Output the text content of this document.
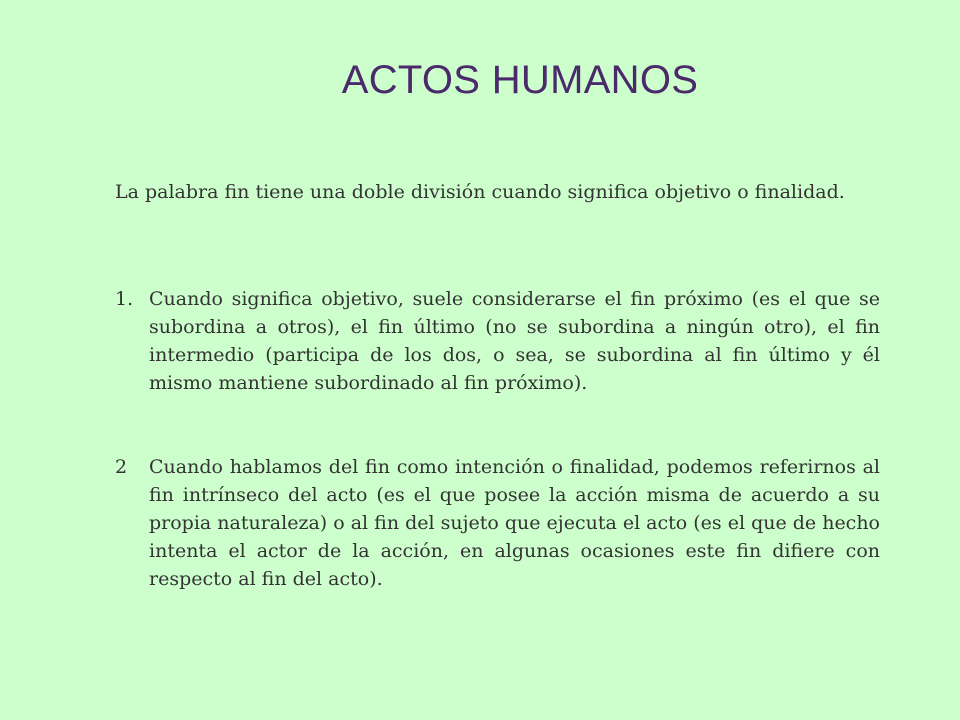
ACTOS HUMANOS

La palabra fin tiene una doble división cuando significa objetivo o finalidad.

1. Cuando significa objetivo, suele considerarse el fin próximo (es el que se subordina a otros), el fin último (no se subordina a ningún otro), el fin intermedio (participa de los dos, o sea, se subordina al fin último y él mismo mantiene subordinado al fin próximo).
2	Cuando hablamos del fin como intención o finalidad, podemos referirnos al fin intrínseco del acto (es el que posee la acción misma de acuerdo a su propia naturaleza) o al fin del sujeto que ejecuta el acto (es el que de hecho intenta el actor de la acción, en algunas ocasiones este fin difiere con respecto al fin del acto).
